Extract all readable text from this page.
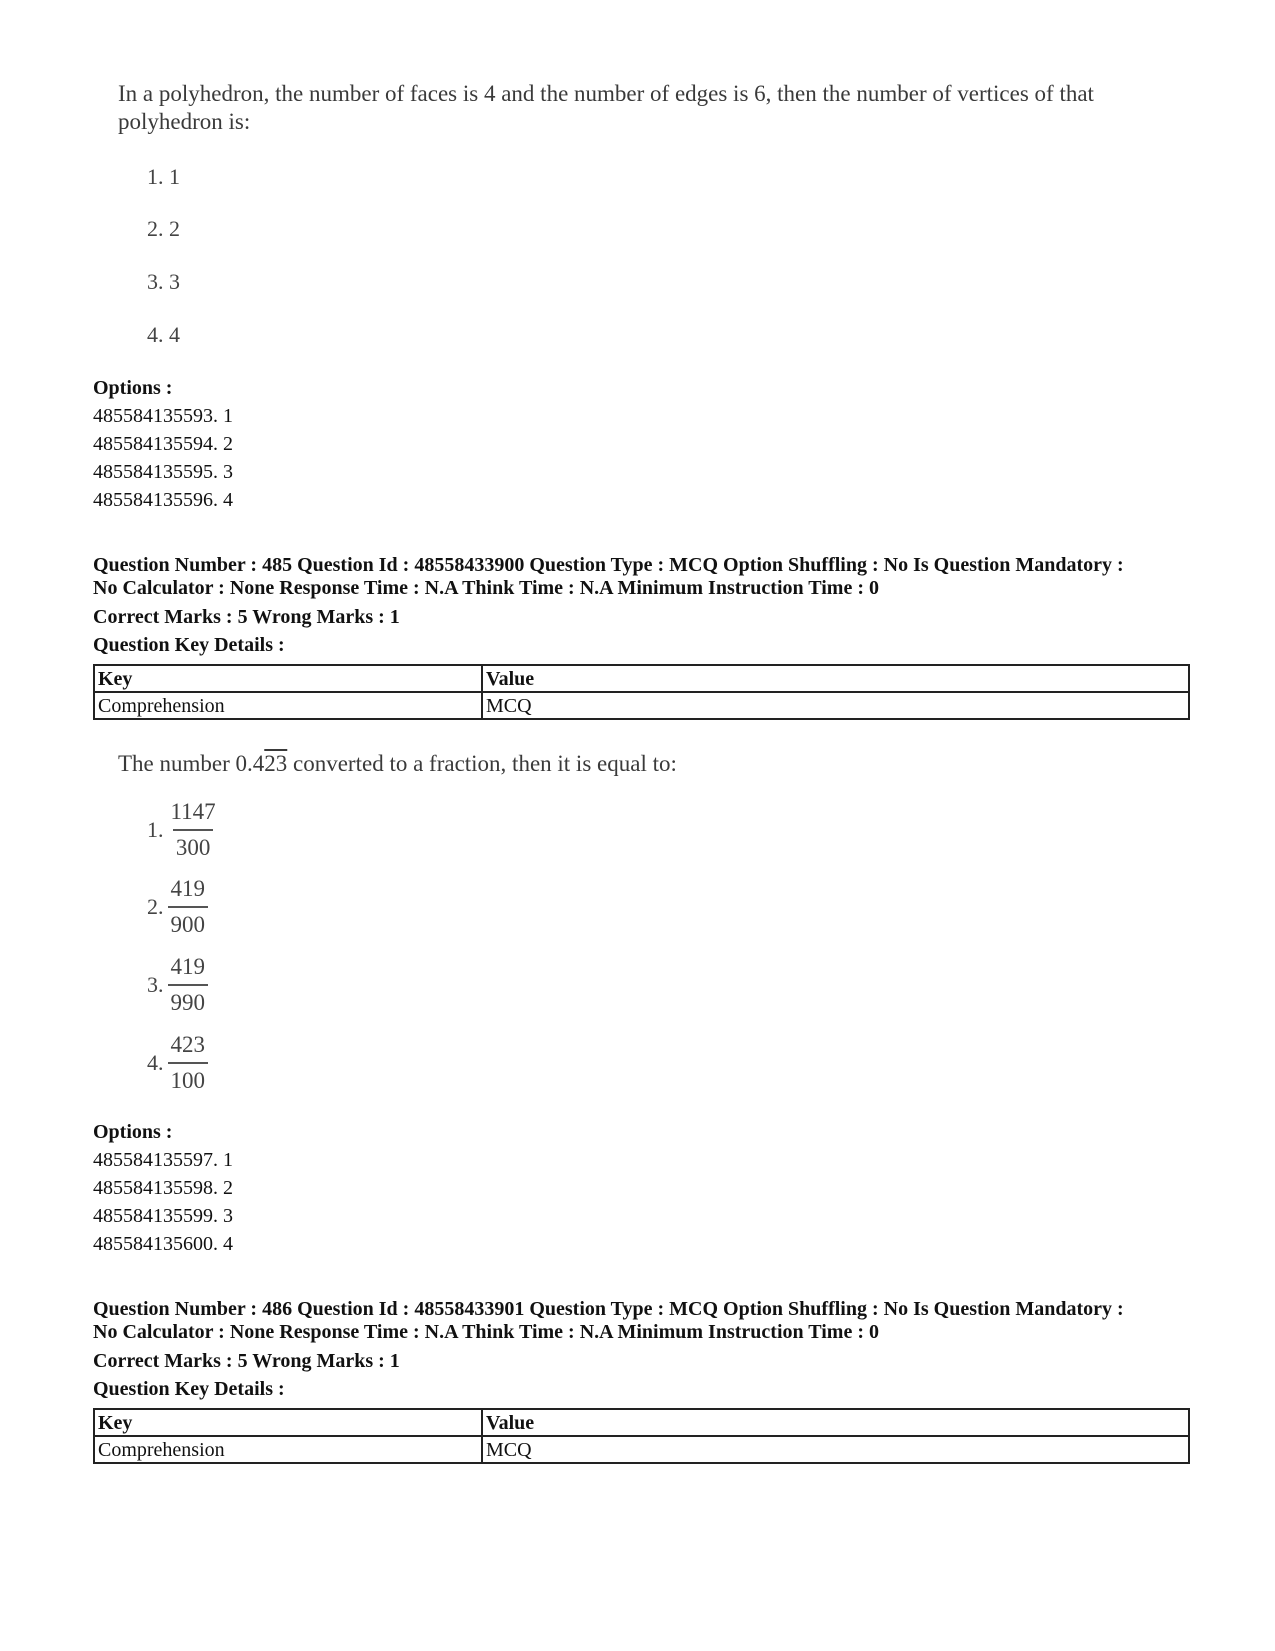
In a polyhedron, the number of faces is 4 and the number of edges is 6, then the number of vertices of that polyhedron is:
1. 1
2. 2
3. 3
4. 4
Options :
485584135593. 1
485584135594. 2
485584135595. 3
485584135596. 4
Question Number : 485 Question Id : 48558433900 Question Type : MCQ Option Shuffling : No Is Question Mandatory :
No Calculator : None Response Time : N.A Think Time : N.A Minimum Instruction Time : 0
Correct Marks : 5 Wrong Marks : 1
Question Key Details :
Key	Value
Comprehension	MCQ
The number 0.423 converted to a fraction, then it is equal to:
1. $\frac{1147}{300}$
2. $\frac{419}{900}$
3. $\frac{419}{990}$
4. $\frac{423}{100}$
Options :
485584135597. 1
485584135598. 2
485584135599. 3
485584135600. 4
Question Number : 486 Question Id : 48558433901 Question Type : MCQ Option Shuffling : No Is Question Mandatory :
No Calculator : None Response Time : N.A Think Time : N.A Minimum Instruction Time : 0
Correct Marks : 5 Wrong Marks : 1
Question Key Details :
Key	Value
Comprehension	MCQ
